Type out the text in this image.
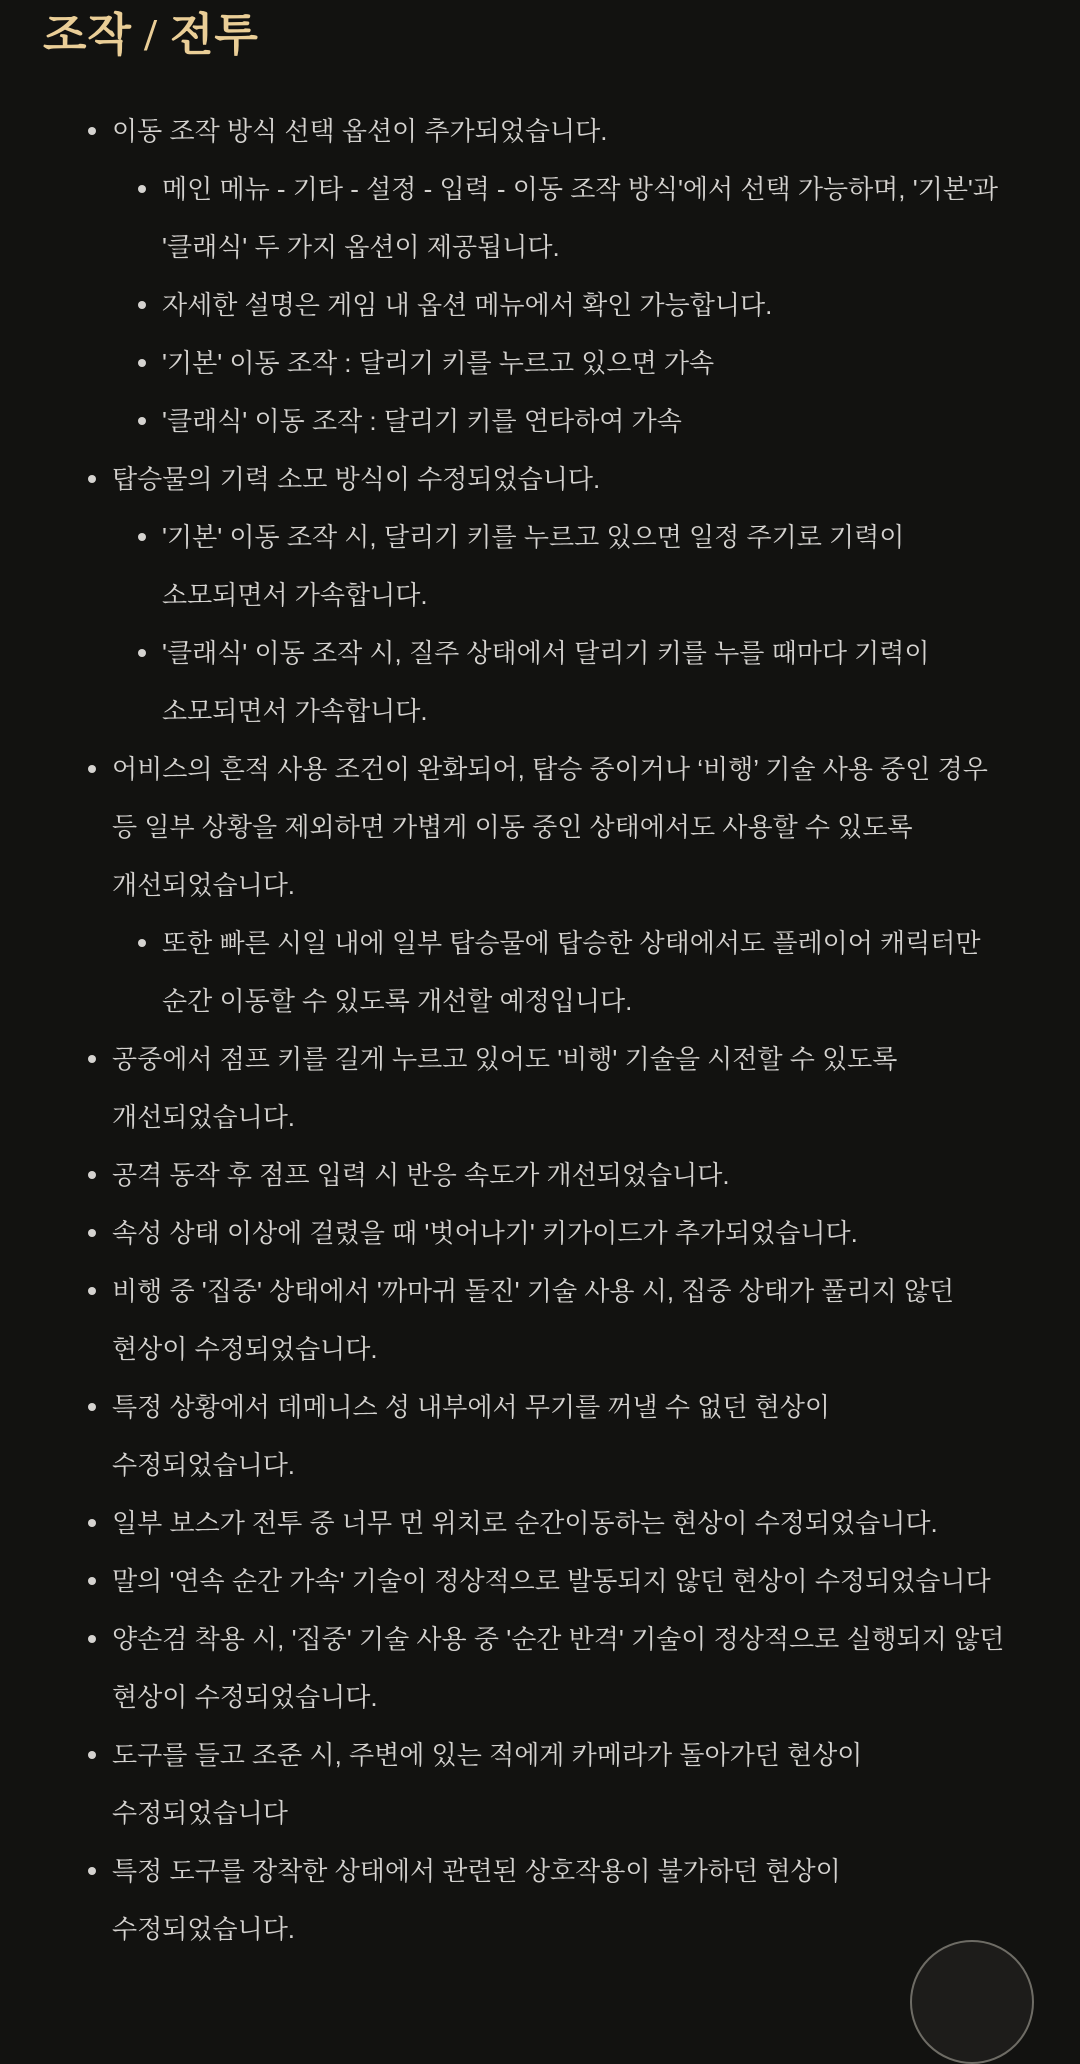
조작 / 전투
이동 조작 방식 선택 옵션이 추가되었습니다.
메인 메뉴 - 기타 - 설정 - 입력 - 이동 조작 방식'에서 선택 가능하며, '기본'과 '클래식' 두 가지 옵션이 제공됩니다.
자세한 설명은 게임 내 옵션 메뉴에서 확인 가능합니다.
'기본' 이동 조작 : 달리기 키를 누르고 있으면 가속
'클래식' 이동 조작 : 달리기 키를 연타하여 가속
탑승물의 기력 소모 방식이 수정되었습니다.
'기본' 이동 조작 시, 달리기 키를 누르고 있으면 일정 주기로 기력이 소모되면서 가속합니다.
'클래식' 이동 조작 시, 질주 상태에서 달리기 키를 누를 때마다 기력이 소모되면서 가속합니다.
어비스의 흔적 사용 조건이 완화되어, 탑승 중이거나 ‘비행’ 기술 사용 중인 경우 등 일부 상황을 제외하면 가볍게 이동 중인 상태에서도 사용할 수 있도록 개선되었습니다.
또한 빠른 시일 내에 일부 탑승물에 탑승한 상태에서도 플레이어 캐릭터만 순간 이동할 수 있도록 개선할 예정입니다.
공중에서 점프 키를 길게 누르고 있어도 '비행' 기술을 시전할 수 있도록 개선되었습니다.
공격 동작 후 점프 입력 시 반응 속도가 개선되었습니다.
속성 상태 이상에 걸렸을 때 '벗어나기' 키가이드가 추가되었습니다.
비행 중 '집중' 상태에서 '까마귀 돌진' 기술 사용 시, 집중 상태가 풀리지 않던 현상이 수정되었습니다.
특정 상황에서 데메니스 성 내부에서 무기를 꺼낼 수 없던 현상이 수정되었습니다.
일부 보스가 전투 중 너무 먼 위치로 순간이동하는 현상이 수정되었습니다.
말의 '연속 순간 가속' 기술이 정상적으로 발동되지 않던 현상이 수정되었습니다
양손검 착용 시, '집중' 기술 사용 중 '순간 반격' 기술이 정상적으로 실행되지 않던 현상이 수정되었습니다.
도구를 들고 조준 시, 주변에 있는 적에게 카메라가 돌아가던 현상이 수정되었습니다
특정 도구를 장착한 상태에서 관련된 상호작용이 불가하던 현상이 수정되었습니다.
